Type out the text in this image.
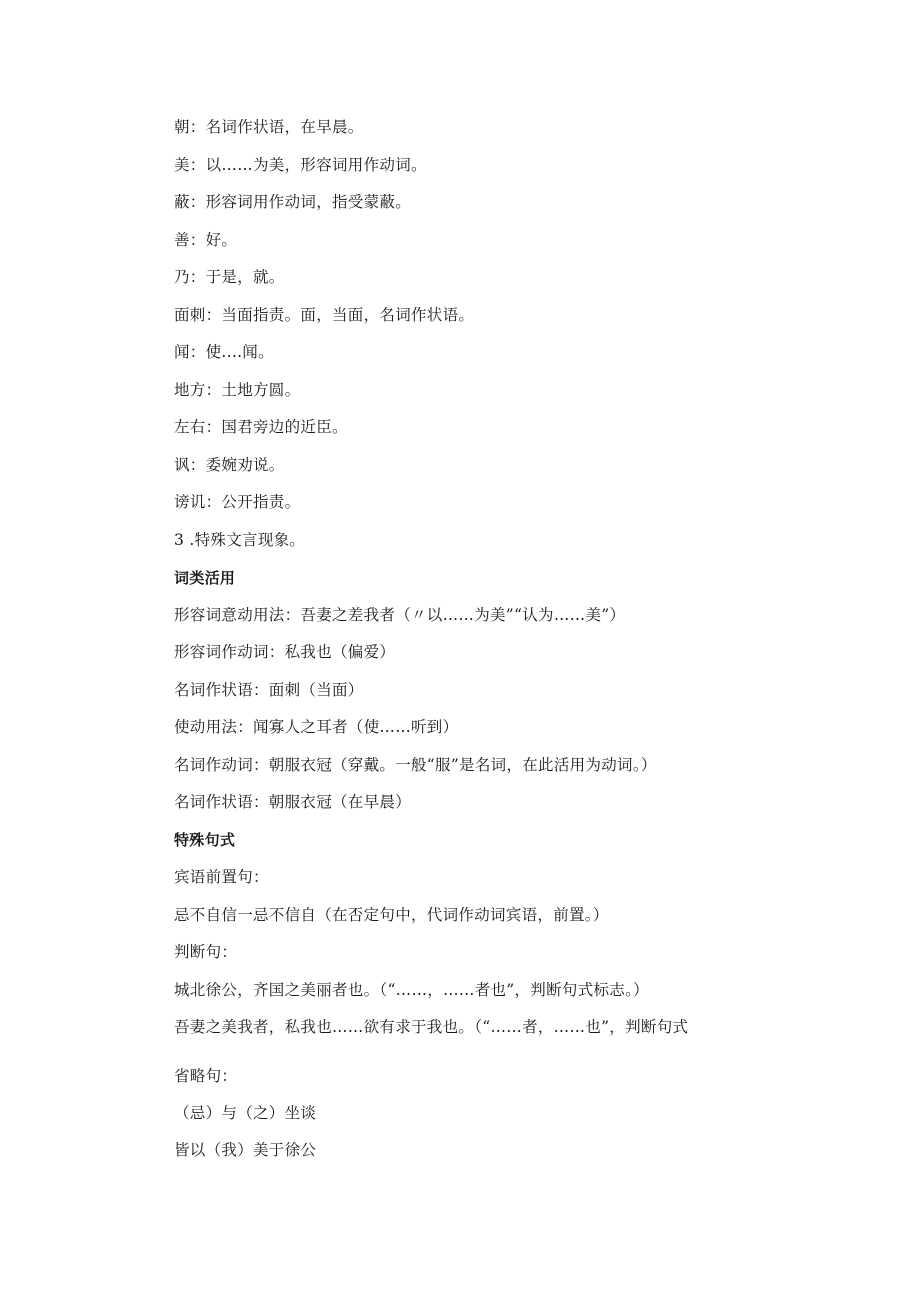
朝：名词作状语，在早晨。
美：以……为美，形容词用作动词。
蔽：形容词用作动词，指受蒙蔽。
善：好。
乃：于是，就。
面刺：当面指责。面，当面，名词作状语。
闻：使....闻。
地方：土地方圆。
左右：国君旁边的近臣。
讽：委婉劝说。
谤讥：公开指责。
3 .特殊文言现象。
词类活用
形容词意动用法：吾妻之差我者（〃以……为美”“认为……美”）
形容词作动词：私我也（偏爱）
名词作状语：面刺（当面）
使动用法：闻寡人之耳者（使……听到）
名词作动词：朝服衣冠（穿戴。一般“服”是名词，在此活用为动词。）
名词作状语：朝服衣冠（在早晨）
特殊句式
宾语前置句：
忌不自信一忌不信自（在否定句中，代词作动词宾语，前置。）
判断句：
城北徐公，齐国之美丽者也。（“……，……者也”，判断句式标志。）
吾妻之美我者，私我也……欲有求于我也。（“……者，……也”，判断句式
省略句：
（忌）与（之）坐谈
皆以（我）美于徐公
